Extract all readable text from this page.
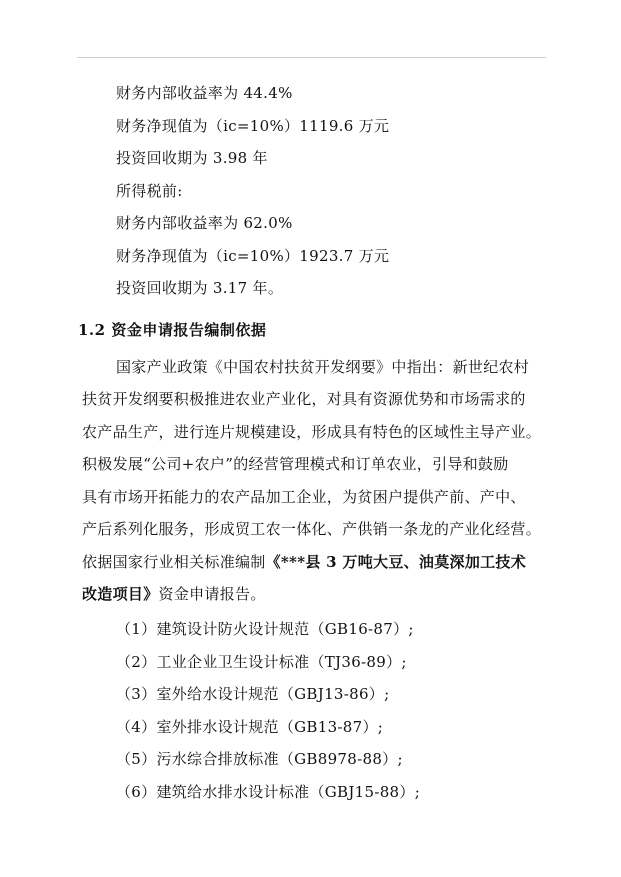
财务内部收益率为 44.4%
财务净现值为（ic=10%）1119.6 万元
投资回收期为 3.98 年
所得税前:
财务内部收益率为 62.0%
财务净现值为（ic=10%）1923.7 万元
投资回收期为 3.17 年。
1.2 资金申请报告编制依据
国家产业政策《中国农村扶贫开发纲要》中指出：新世纪农村
扶贫开发纲要积极推进农业产业化，对具有资源优势和市场需求的
农产品生产，进行连片规模建设，形成具有特色的区域性主导产业。
积极发展“公司+农户”的经营管理模式和订单农业，引导和鼓励
具有市场开拓能力的农产品加工企业，为贫困户提供产前、产中、
产后系列化服务，形成贸工农一体化、产供销一条龙的产业化经营。
依据国家行业相关标准编制《***县 3 万吨大豆、油莫深加工技术
改造项目》资金申请报告。
（1）建筑设计防火设计规范（GB16-87）;
（2）工业企业卫生设计标准（TJ36-89）;
（3）室外给水设计规范（GBJ13-86）;
（4）室外排水设计规范（GB13-87）;
（5）污水综合排放标准（GB8978-88）;
（6）建筑给水排水设计标准（GBJ15-88）;
